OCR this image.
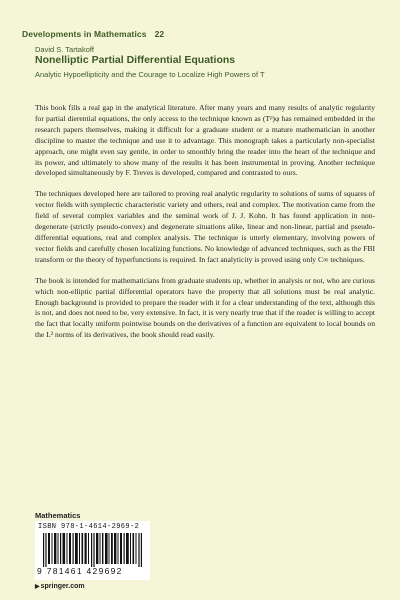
Developments in Mathematics 22
David S. Tartakoff
Nonelliptic Partial Differential Equations
Analytic Hypoellipticity and the Courage to Localize High Powers of T

This book fills a real gap in the analytical literature. After many years and many results of analytic regularity for partial dierential equations, the only access to the technique known as (Tᵖ)φ has remained embedded in the research papers themselves, making it difficult for a graduate student or a mature mathematician in another discipline to master the technique and use it to advantage. This monograph takes a particularly non-specialist approach, one might even say gentle, in order to smoothly bring the reader into the heart of the technique and its power, and ultimately to show many of the results it has been instrumental in proving. Another technique developed simultaneously by F. Treves is developed, compared and contrasted to ours.

The techniques developed here are tailored to proving real analytic regularity to solutions of sums of squares of vector fields with symplectic characteristic variety and others, real and complex. The motivation came from the field of several complex variables and the seminal work of J. J. Kohn. It has found application in non-degenerate (strictly pseudo-convex) and degenerate situations alike, linear and non-linear, partial and pseudo-differential equations, real and complex analysis. The technique is utterly elementary, involving powers of vector fields and carefully chosen localizing functions. No knowledge of advanced techniques, such as the FBI transform or the theory of hyperfunctions is required. In fact analyticity is proved using only C∞ techniques.

The book is intended for mathematicians from graduate students up, whether in analysis or not, who are curious which non-elliptic partial differential operators have the property that all solutions must be real analytic. Enough background is provided to prepare the reader with it for a clear understanding of the text, although this is not, and does not need to be, very extensive. In fact, it is very nearly true that if the reader is willing to accept the fact that locally uniform pointwise bounds on the derivatives of a function are equivalent to local bounds on the L² norms of its derivatives, the book should read easily.

Mathematics
ISBN 978-1-4614-2969-2
9 781461 429692
▶springer.com
